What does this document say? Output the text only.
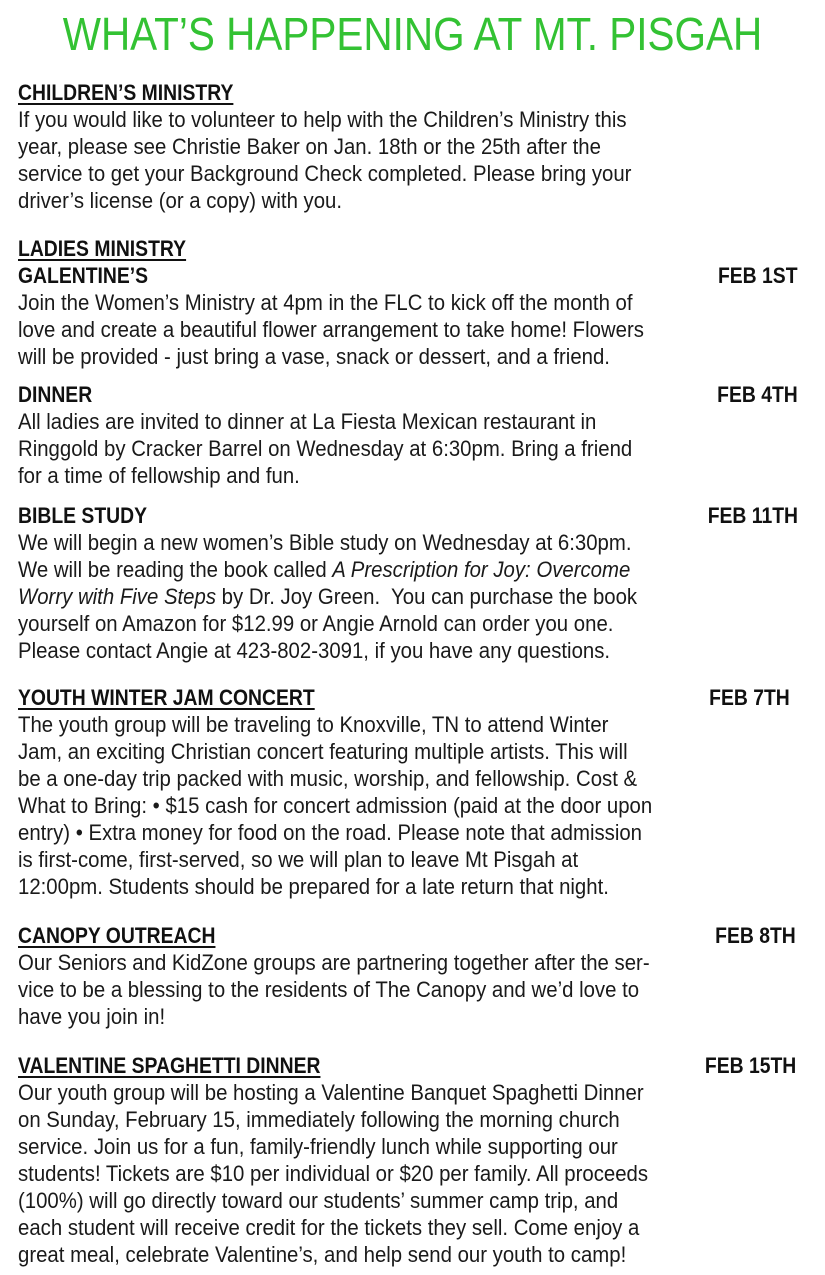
WHAT’S HAPPENING AT MT. PISGAH
CHILDREN’S MINISTRY
If you would like to volunteer to help with the Children’s Ministry this
year, please see Christie Baker on Jan. 18th or the 25th after the
service to get your Background Check completed. Please bring your
driver’s license (or a copy) with you.
LADIES MINISTRY
GALENTINE’S	FEB 1ST
Join the Women’s Ministry at 4pm in the FLC to kick off the month of
love and create a beautiful flower arrangement to take home! Flowers
will be provided - just bring a vase, snack or dessert, and a friend.
DINNER	FEB 4TH
All ladies are invited to dinner at La Fiesta Mexican restaurant in
Ringgold by Cracker Barrel on Wednesday at 6:30pm. Bring a friend
for a time of fellowship and fun.
BIBLE STUDY	FEB 11TH
We will begin a new women’s Bible study on Wednesday at 6:30pm.
We will be reading the book called A Prescription for Joy: Overcome
Worry with Five Steps by Dr. Joy Green.  You can purchase the book
yourself on Amazon for $12.99 or Angie Arnold can order you one.
Please contact Angie at 423-802-3091, if you have any questions.
YOUTH WINTER JAM CONCERT	FEB 7TH
The youth group will be traveling to Knoxville, TN to attend Winter
Jam, an exciting Christian concert featuring multiple artists. This will
be a one-day trip packed with music, worship, and fellowship. Cost &
What to Bring: • $15 cash for concert admission (paid at the door upon
entry) • Extra money for food on the road. Please note that admission
is first-come, first-served, so we will plan to leave Mt Pisgah at
12:00pm. Students should be prepared for a late return that night.
CANOPY OUTREACH	FEB 8TH
Our Seniors and KidZone groups are partnering together after the ser-
vice to be a blessing to the residents of The Canopy and we’d love to
have you join in!
VALENTINE SPAGHETTI DINNER	FEB 15TH
Our youth group will be hosting a Valentine Banquet Spaghetti Dinner
on Sunday, February 15, immediately following the morning church
service. Join us for a fun, family-friendly lunch while supporting our
students! Tickets are $10 per individual or $20 per family. All proceeds
(100%) will go directly toward our students’ summer camp trip, and
each student will receive credit for the tickets they sell. Come enjoy a
great meal, celebrate Valentine’s, and help send our youth to camp!
